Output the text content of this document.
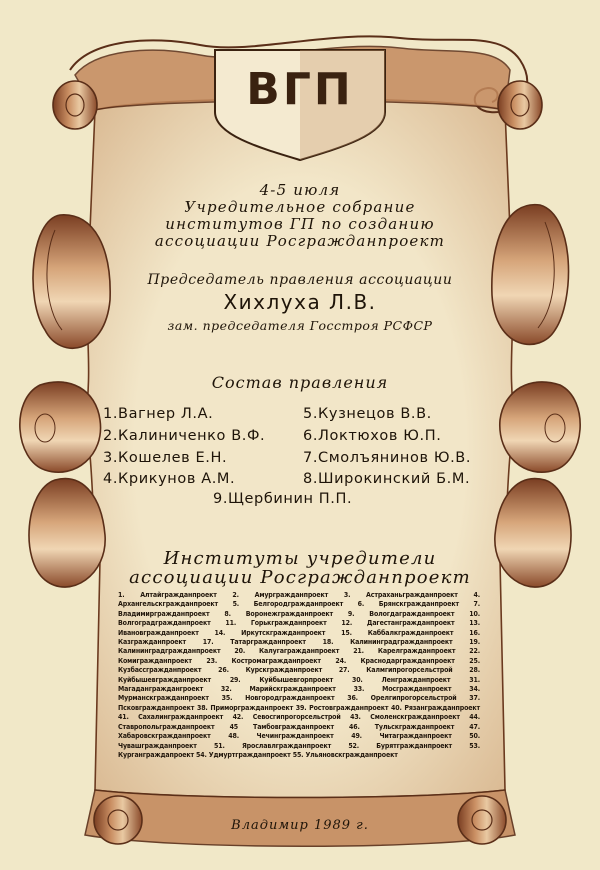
ВГП
4-5 июля
Учредительное собрание
институтов ГП по созданию
ассоциации Росгражданпроект
Председатель правления ассоциации
Хихлуха Л.В.
зам. председателя Госстроя РСФСР
Состав правления
1.Вагнер Л.А.
2.Калиниченко В.Ф.
3.Кошелев Е.Н.
4.Крикунов А.М.
5.Кузнецов В.В.
6.Локтюхов Ю.П.
7.Смолъянинов Ю.В.
8.Широкинский Б.М.
9.Щербинин П.П.
Институты учредители
ассоциации Росгражданпроект
1. Алтайгражданпроект 2. Амургражданпроект 3. Астраханьгражданпроект 4. Архангельскгражданпроект 5. Белгородгражданпроект 6. Брянскгражданпроект 7. Владимиргражданпроект 8. Воронежгражданпроект 9. Вологдагражданпроект 10. Волгоградгражданпроект 11. Горькгражданпроект 12. Дагестангражданпроект 13. Ивановгражданпроект 14. Иркутскгражданпроект 15. Каббалкгражданпроект 16. Казгражданпроект 17. Татаргражданпроект 18. Калининградгражданпроект 19. Калининградгражданпроект 20. Калугагражданпроект 21. Карелгражданпроект 22. Комигражданпроект 23. Костромагражданпроект 24. Краснодаргражданпроект 25. Кузбассгражданпроект 26. Курскгражданпроект 27. Калмгипрогорсельстрой 28. Куйбышевгражданпроект 29. Куйбышевгорпроект 30. Ленгражданпроект 31. Магаданграждангроект 32. Марийскгражданпроект 33. Мосгражданпроект 34. Мурманскгражданпроект 35. Новгородгражданпроект 36. Орелгипрогорсельстрой 37. Псковгражданпроект 38. Приморгражданпроект 39. Ростовгражданпроект 40. Рязангражданпроект 41. Сахалингражданпроект 42. Севосгипрогорсельстрой 43. Смоленскгражданпроект 44. Ставропольгражданпроект 45 Тамбовгражданпроект 46. Тульскгражданпроект 47. Хабаровскгражданпроект 48. Чечингражданпроект 49. Читагражданпроект 50. Чувашгражданпроект 51. Ярославлгражданпроект 52. Бурятгражданпроект 53. Курганграждапроект 54. Удмуртгражданпроект 55. Ульяновскгражданпроект
Владимир 1989 г.
